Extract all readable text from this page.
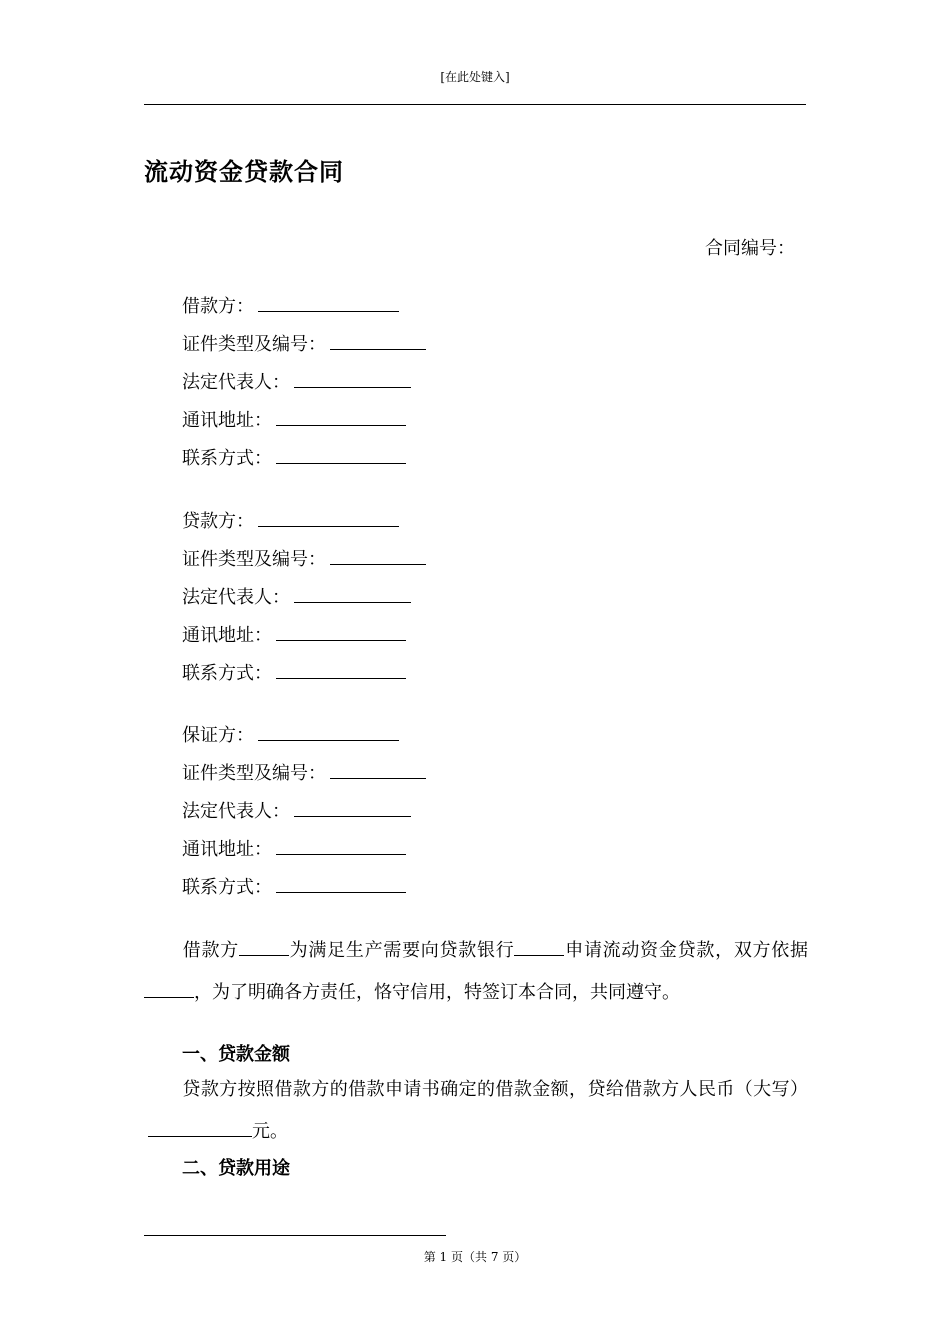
[在此处键入]
流动资金贷款合同
合同编号：
借款方：
证件类型及编号：
法定代表人：
通讯地址：
联系方式：
贷款方：
证件类型及编号：
法定代表人：
通讯地址：
联系方式：
保证方：
证件类型及编号：
法定代表人：
通讯地址：
联系方式：
借款方	为满足生产需要向贷款银行	申请流动资金贷款，双方依据，为了明确各方责任，恪守信用，特签订本合同，共同遵守。
一、贷款金额
贷款方按照借款方的借款申请书确定的借款金额，贷给借款方人民币（大写）元。
二、贷款用途
第 1 页（共 7 页）
